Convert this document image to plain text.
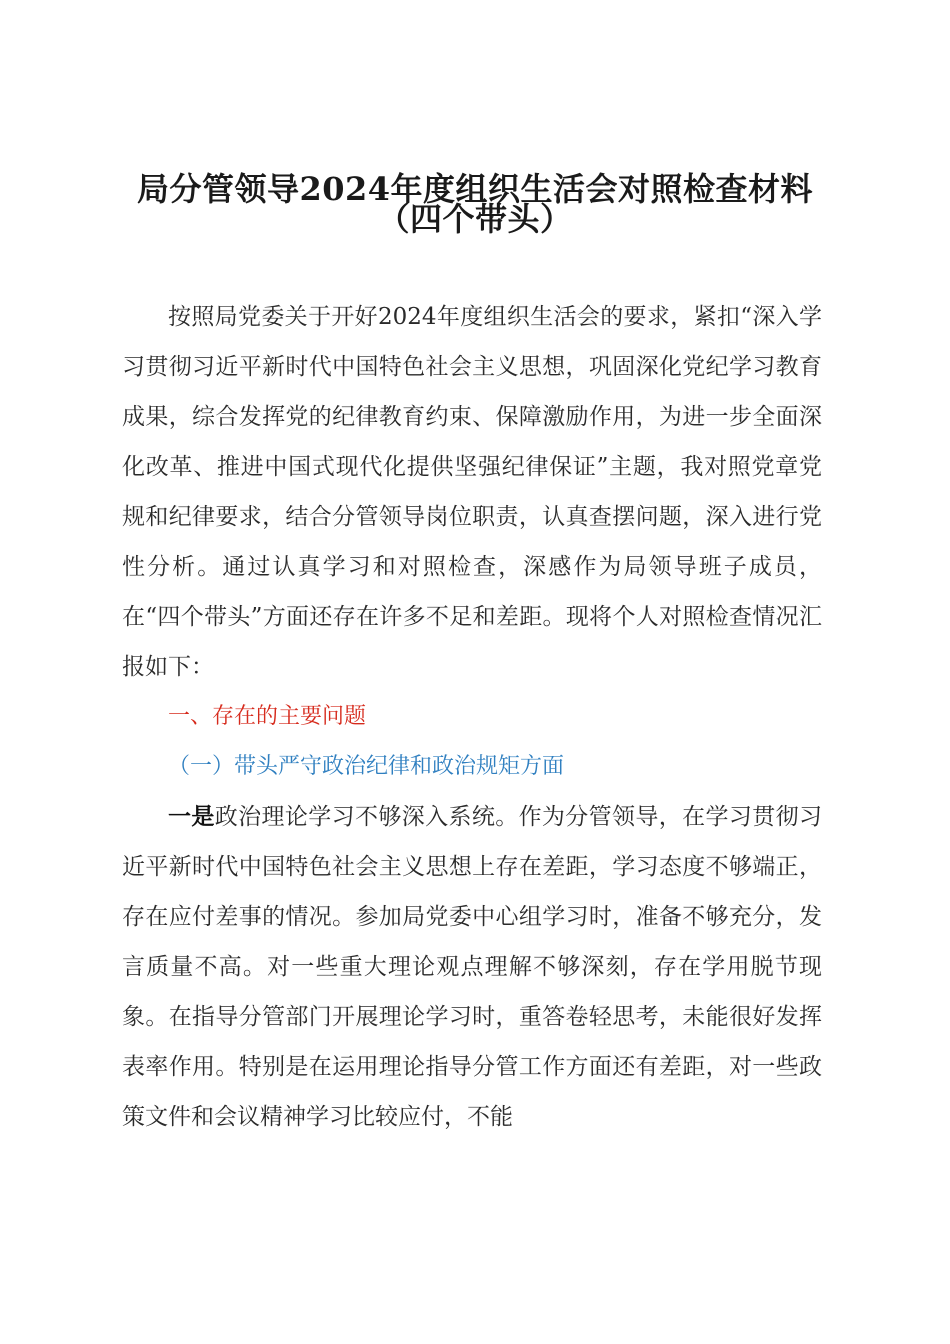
局分管领导2024年度组织生活会对照检查材料
（四个带头）

按照局党委关于开好2024年度组织生活会的要求，紧扣“深入学习贯彻习近平新时代中国特色社会主义思想，巩固深化党纪学习教育成果，综合发挥党的纪律教育约束、保障激励作用，为进一步全面深化改革、推进中国式现代化提供坚强纪律保证”主题，我对照党章党规和纪律要求，结合分管领导岗位职责，认真查摆问题，深入进行党性分析。通过认真学习和对照检查，深感作为局领导班子成员，在“四个带头”方面还存在许多不足和差距。现将个人对照检查情况汇报如下：

一、存在的主要问题

（一）带头严守政治纪律和政治规矩方面

一是政治理论学习不够深入系统。作为分管领导，在学习贯彻习近平新时代中国特色社会主义思想上存在差距，学习态度不够端正，存在应付差事的情况。参加局党委中心组学习时，准备不够充分，发言质量不高。对一些重大理论观点理解不够深刻，存在学用脱节现象。在指导分管部门开展理论学习时，重答卷轻思考，未能很好发挥表率作用。特别是在运用理论指导分管工作方面还有差距，对一些政策文件和会议精神学习比较应付，不能
